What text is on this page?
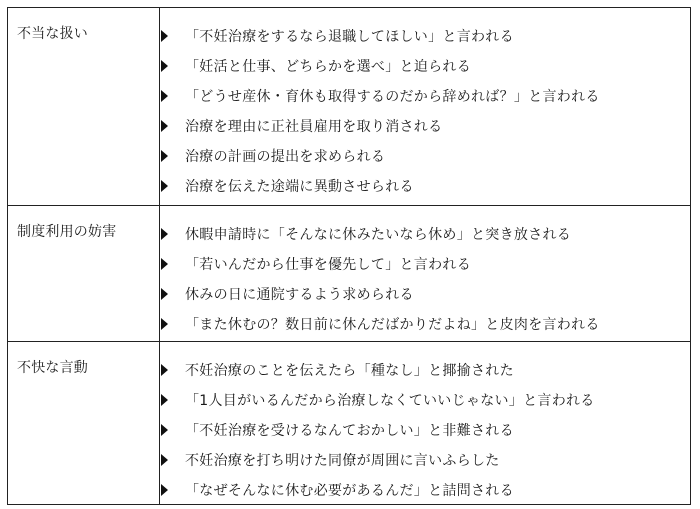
不当な扱い	「不妊治療をするなら退職してほしい」と言われる
「妊活と仕事、どちらかを選べ」と迫られる
「どうせ産休・育休も取得するのだから辞めれば？」と言われる
治療を理由に正社員雇用を取り消される
治療の計画の提出を求められる
治療を伝えた途端に異動させられる
制度利用の妨害	休暇申請時に「そんなに休みたいなら休め」と突き放される
「若いんだから仕事を優先して」と言われる
休みの日に通院するよう求められる
「また休むの？数日前に休んだばかりだよね」と皮肉を言われる
不快な言動	不妊治療のことを伝えたら「種なし」と揶揄された
「1人目がいるんだから治療しなくていいじゃない」と言われる
「不妊治療を受けるなんておかしい」と非難される
不妊治療を打ち明けた同僚が周囲に言いふらした
「なぜそんなに休む必要があるんだ」と詰問される
